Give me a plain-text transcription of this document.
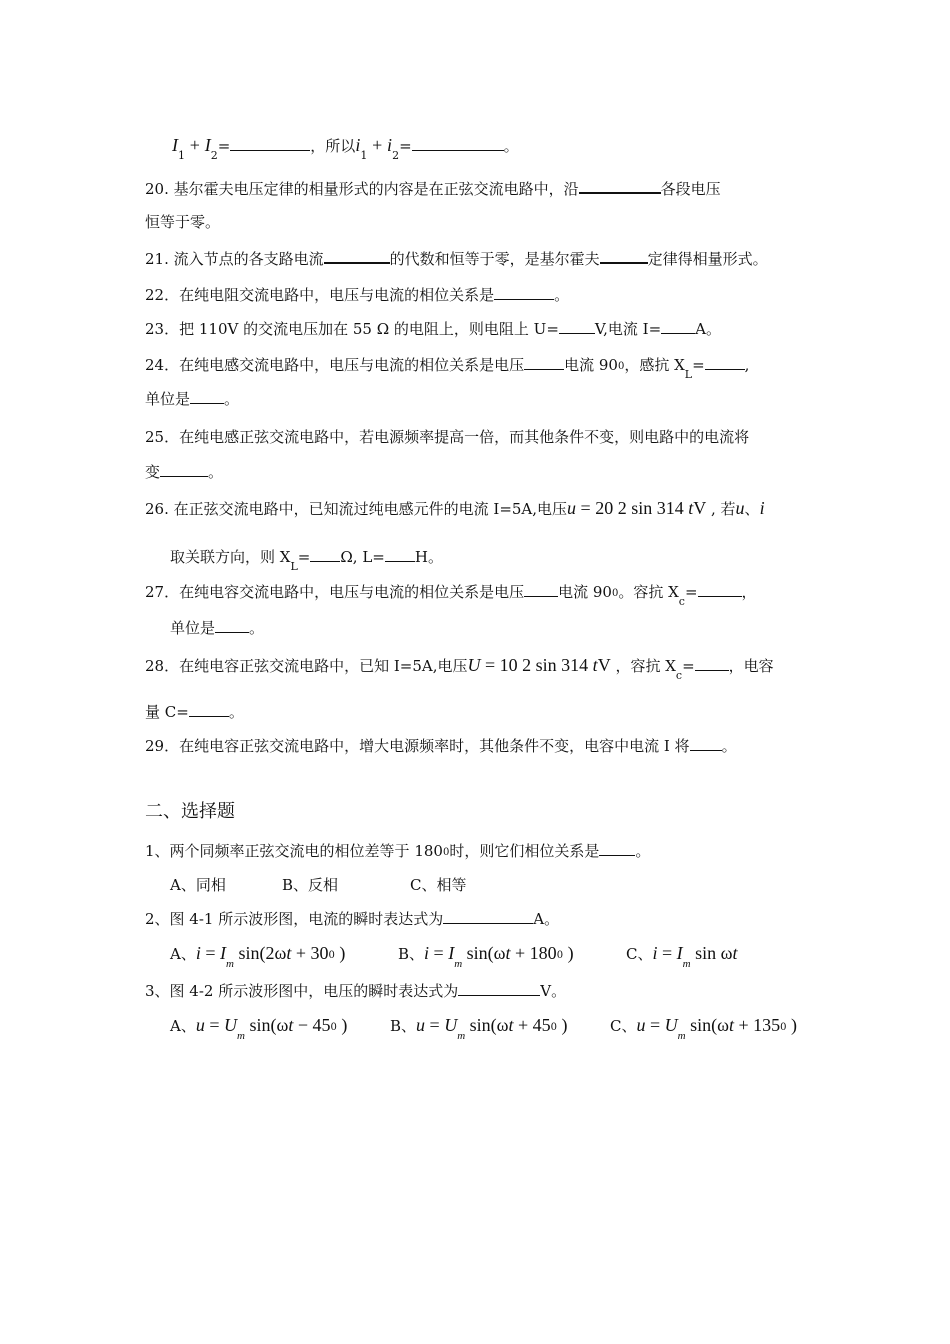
$I_1 + I_2=$	，所以$i_1 + i_2=$	。
20. 基尔霍夫电压定律的相量形式的内容是在正弦交流电路中，沿	各段电压
恒等于零。
21. 流入节点的各支路电流	的代数和恒等于零，是基尔霍夫	定律得相量形式。
22．在纯电阻交流电路中，电压与电流的相位关系是	。
23．把 110V 的交流电压加在 55 Ω 的电阻上，则电阻上 U= V,电流 I= A。
24．在纯电感交流电路中，电压与电流的相位关系是电压	电流 $90^0$，感抗 $X_L=$	,
单位是 。
25．在纯电感正弦交流电路中，若电源频率提高一倍，而其他条件不变，则电路中的电流将
变	。
26. 在正弦交流电路中，已知流过纯电感元件的电流 I=5A,电压u = 20 2 sin 314 tV , 若u、i
取关联方向，则 $X_L= \Omega$, L= H。
27．在纯电容交流电路中，电压与电流的相位关系是电压 电流 $90^0$。容抗 $X_c=$	，
单位是 。
28．在纯电容正弦交流电路中，已知 I=5A,电压U = 10 2 sin 314 tV ，容抗 $X_c=$ ，电容
量 C=	。
29．在纯电容正弦交流电路中，增大电源频率时，其他条件不变，电容中电流 I 将 。
二、选择题
1、两个同频率正弦交流电的相位差等于 $180^0$时，则它们相位关系是 。
A、同相	B、反相	C、相等
2、图 4-1 所示波形图，电流的瞬时表达式为	A。
A、$i = I_m$ $\sin(2\omega t + 30^0$ )	B、$i = I_m$ $\sin(\omega t + 180^0$ )	C、$i = I_m$ sin ωt
3、图 4-2 所示波形图中，电压的瞬时表达式为	V。
A、$u = U_m$ $\sin(\omega t - 45^0$ )	B、$u = U_m$ $\sin(\omega t + 45^0$ )	C、$u = U_m$ $\sin(\omega t + 135^0$ )
